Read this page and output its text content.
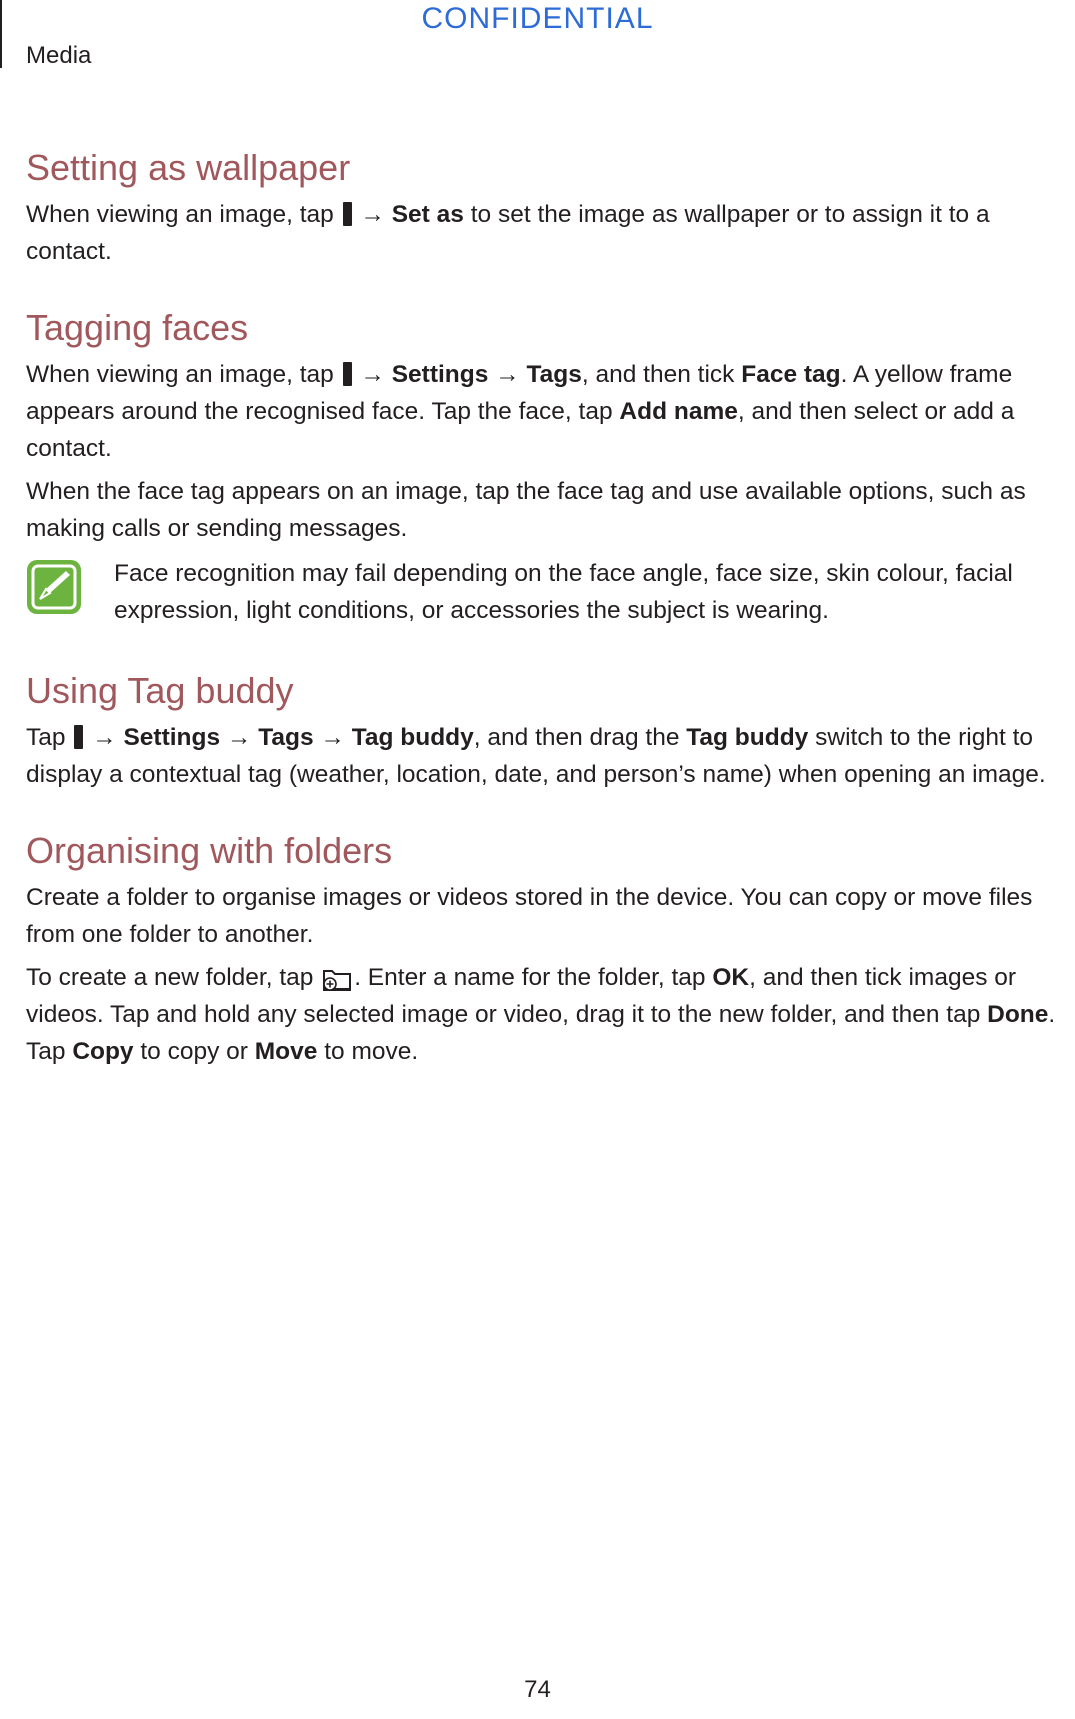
CONFIDENTIAL
Media
Setting as wallpaper

When viewing an image, tap  → Set as to set the image as wallpaper or to assign it to a contact.

Tagging faces

When viewing an image, tap  → Settings → Tags, and then tick Face tag. A yellow frame appears around the recognised face. Tap the face, tap Add name, and then select or add a contact.

When the face tag appears on an image, tap the face tag and use available options, such as making calls or sending messages.

Face recognition may fail depending on the face angle, face size, skin colour, facial expression, light conditions, or accessories the subject is wearing.

Using Tag buddy

Tap  → Settings → Tags → Tag buddy, and then drag the Tag buddy switch to the right to display a contextual tag (weather, location, date, and person’s name) when opening an image.

Organising with folders

Create a folder to organise images or videos stored in the device. You can copy or move files from one folder to another.

To create a new folder, tap . Enter a name for the folder, tap OK, and then tick images or videos. Tap and hold any selected image or video, drag it to the new folder, and then tap Done. Tap Copy to copy or Move to move.

74
